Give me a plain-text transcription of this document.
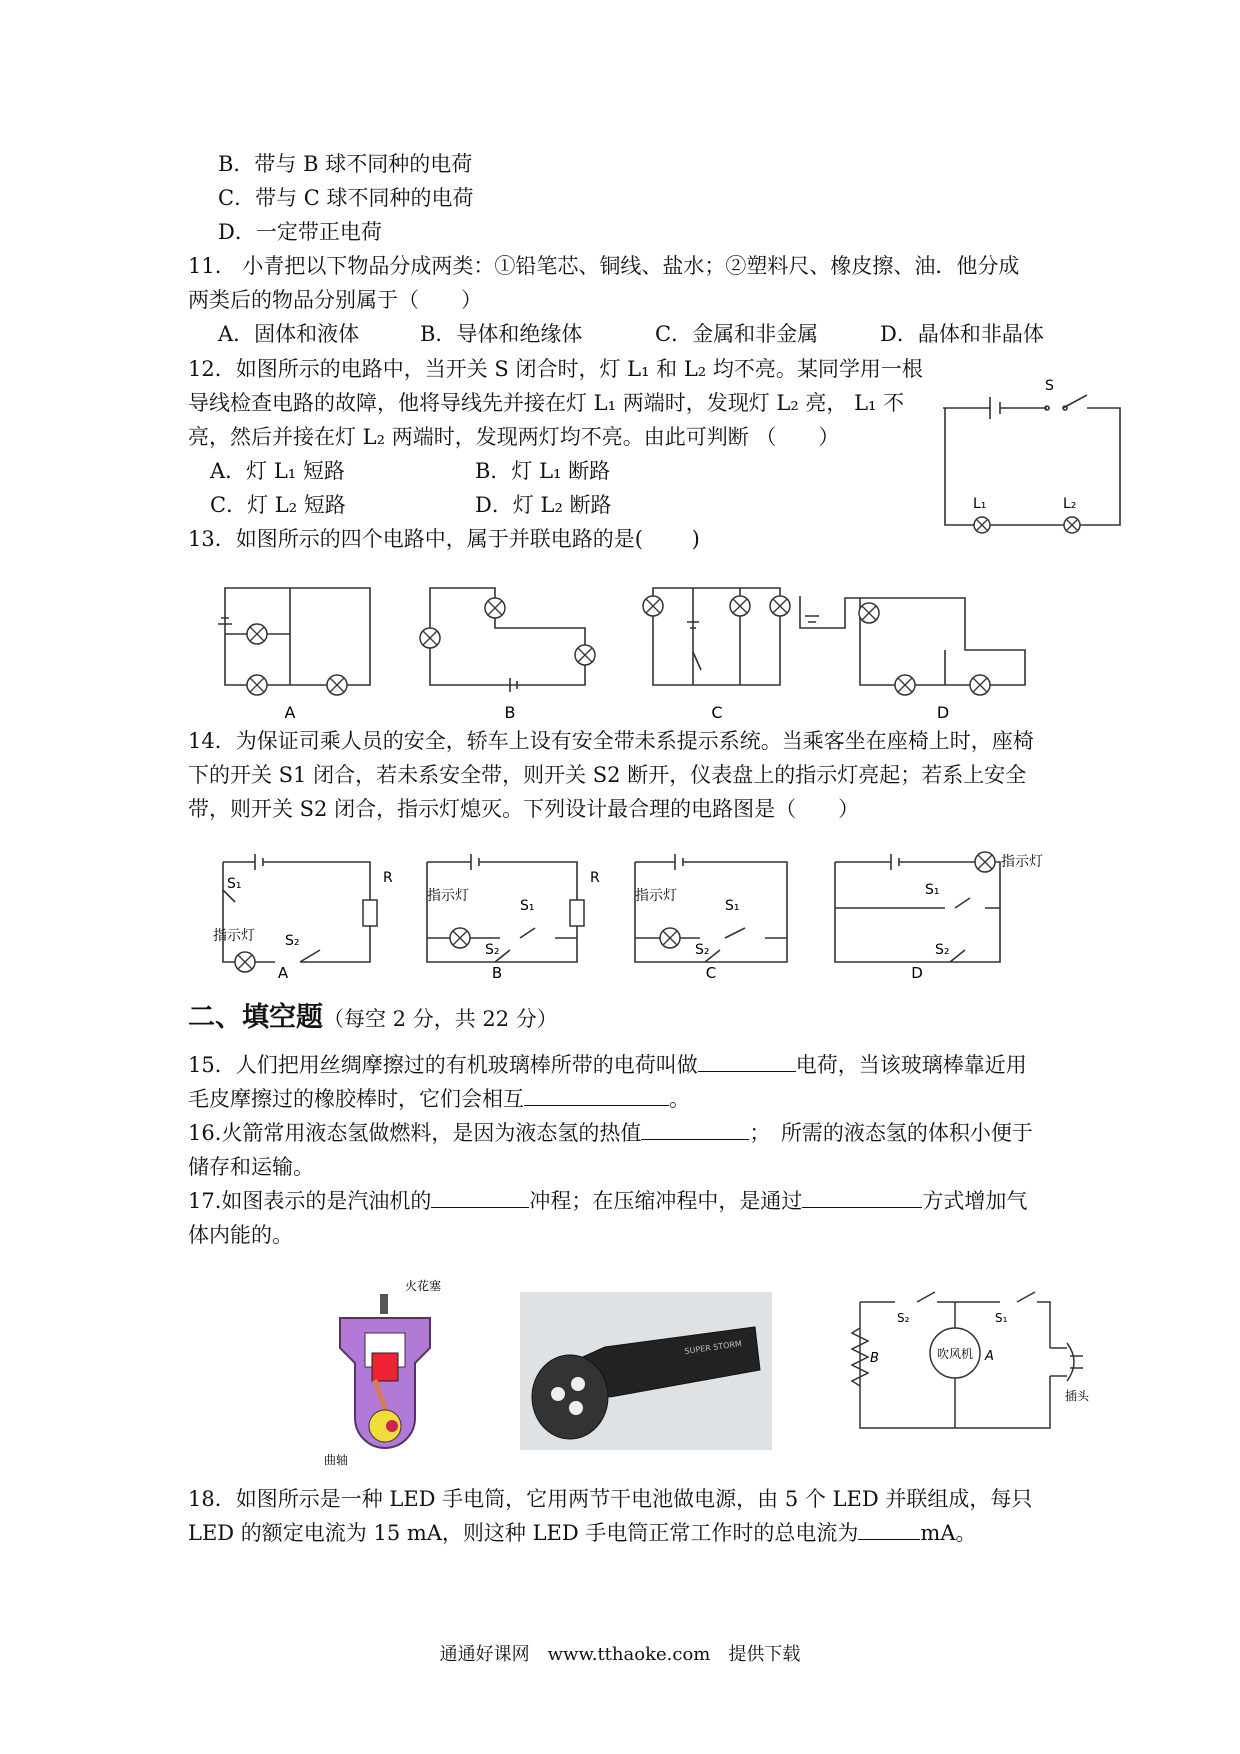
B．带与 B 球不同种的电荷
C．带与 C 球不同种的电荷
D．一定带正电荷
11.　小青把以下物品分成两类：①铅笔芯、铜线、盐水；②塑料尺、橡皮擦、油．他分成
两类后的物品分别属于（　　）
A．固体和液体	B．导体和绝缘体	C．金属和非金属	D．晶体和非晶体
12．如图所示的电路中，当开关 S 闭合时，灯 L₁ 和 L₂ 均不亮。某同学用一根
导线检查电路的故障，他将导线先并接在灯 L₁ 两端时，发现灯 L₂ 亮， L₁ 不
亮，然后并接在灯 L₂ 两端时，发现两灯均不亮。由此可判断 （　　）
A．灯 L₁ 短路	B．灯 L₁ 断路
C．灯 L₂ 短路	D．灯 L₂ 断路
S
L₁	L₂
13．如图所示的四个电路中，属于并联电路的是(　　 )
A	B	C	D
14．为保证司乘人员的安全，轿车上设有安全带未系提示系统。当乘客坐在座椅上时，座椅
下的开关 S1 闭合，若未系安全带，则开关 S2 断开，仪表盘上的指示灯亮起；若系上安全
带，则开关 S2 闭合，指示灯熄灭。下列设计最合理的电路图是（　　）
R
S₁
S₂
指示灯
R
指示灯
S₁
S₂
指示灯
S₁
S₂
指示灯
S₁
S₂
A	B	C	D
二、填空题（每空 2 分，共 22 分）
15．人们把用丝绸摩擦过的有机玻璃棒所带的电荷叫做	电荷，当该玻璃棒靠近用
毛皮摩擦过的橡胶棒时，它们会相互	。
16.火箭常用液态氢做燃料，是因为液态氢的热值	；　所需的液态氢的体积小便于
储存和运输。
17.如图表示的是汽油机的	冲程；在压缩冲程中，是通过	方式增加气
体内能的。
火花塞
曲轴
SUPER STORM	吹风机 A
B
S₂	S₁
插头
18．如图所示是一种 LED 手电筒，它用两节干电池做电源，由 5 个 LED 并联组成，每只
LED 的额定电流为 15 mA，则这种 LED 手电筒正常工作时的总电流为	mA。
通通好课网　www.tthaoke.com　提供下载
